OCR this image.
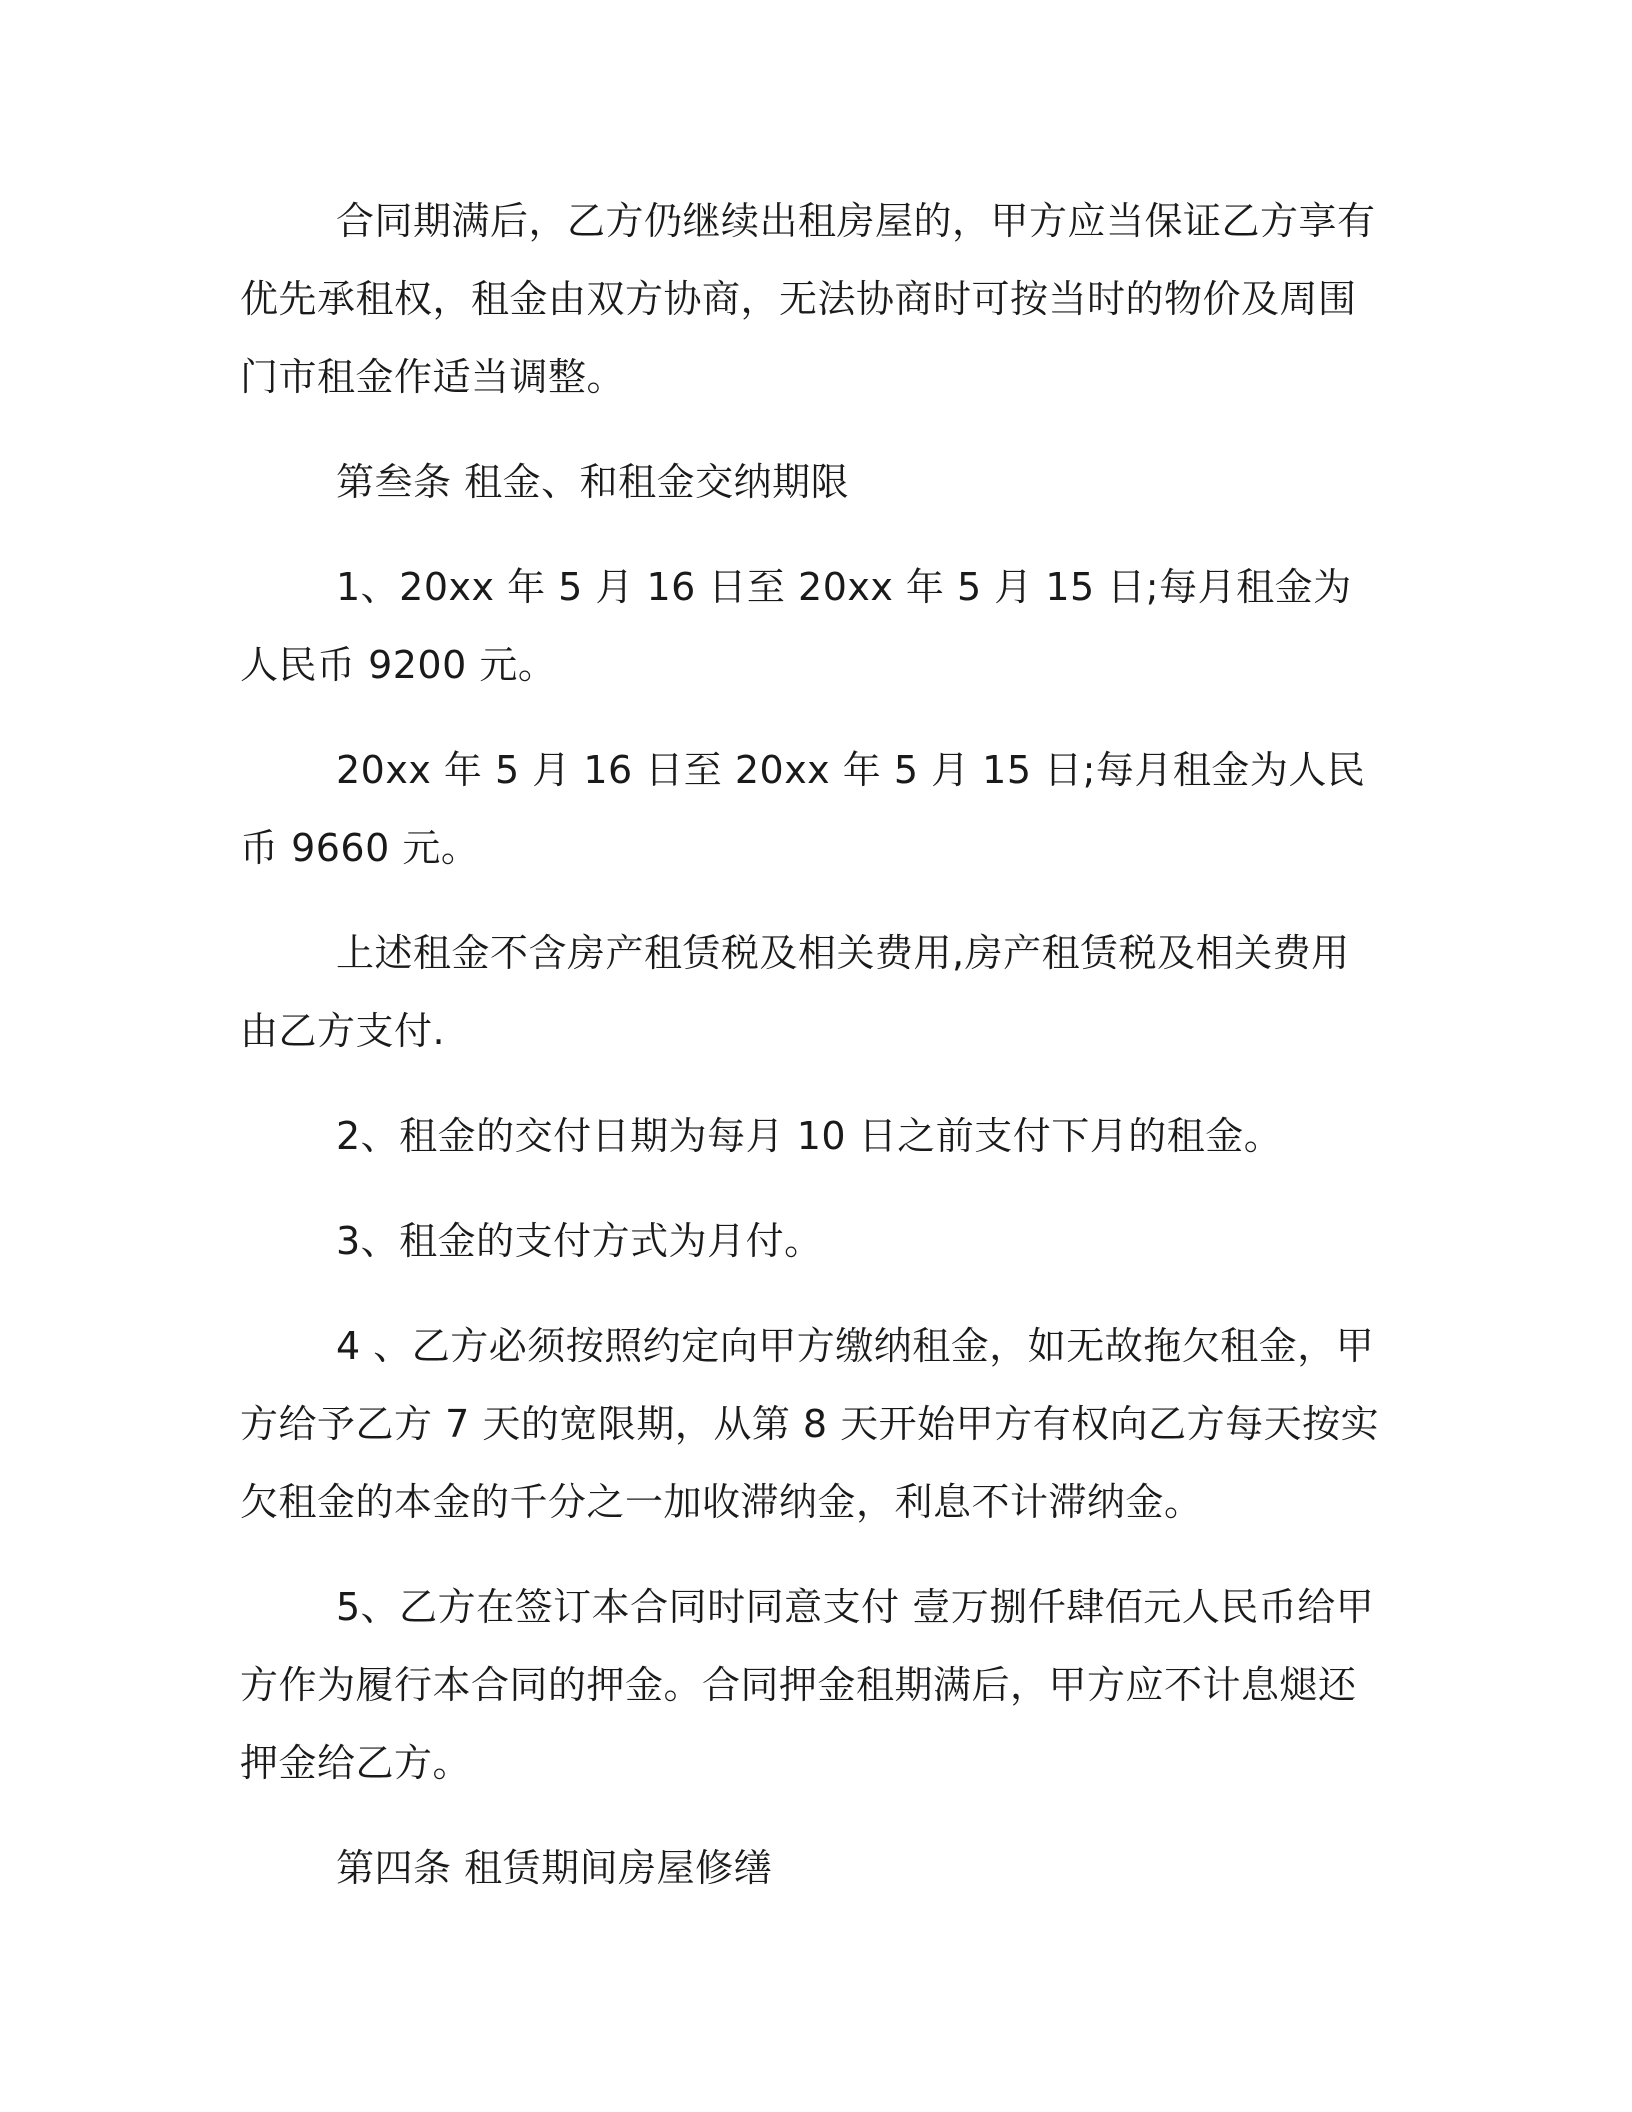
合同期满后，乙方仍继续出租房屋的，甲方应当保证乙方享有优先承租权，租金由双方协商，无法协商时可按当时的物价及周围门市租金作适当调整。

第叁条 租金、和租金交纳期限

1、20xx 年 5 月 16 日至 20xx 年 5 月 15 日;每月租金为人民币 9200 元。

20xx 年 5 月 16 日至 20xx 年 5 月 15 日;每月租金为人民币 9660 元。

上述租金不含房产租赁税及相关费用,房产租赁税及相关费用由乙方支付.

2、租金的交付日期为每月 10 日之前支付下月的租金。

3、租金的支付方式为月付。

4 、乙方必须按照约定向甲方缴纳租金，如无故拖欠租金，甲方给予乙方 7 天的宽限期，从第 8 天开始甲方有权向乙方每天按实欠租金的本金的千分之一加收滞纳金，利息不计滞纳金。

5、乙方在签订本合同时同意支付 壹万捌仟肆佰元人民币给甲方作为履行本合同的押金。合同押金租期满后，甲方应不计息煺还押金给乙方。

第四条 租赁期间房屋修缮
